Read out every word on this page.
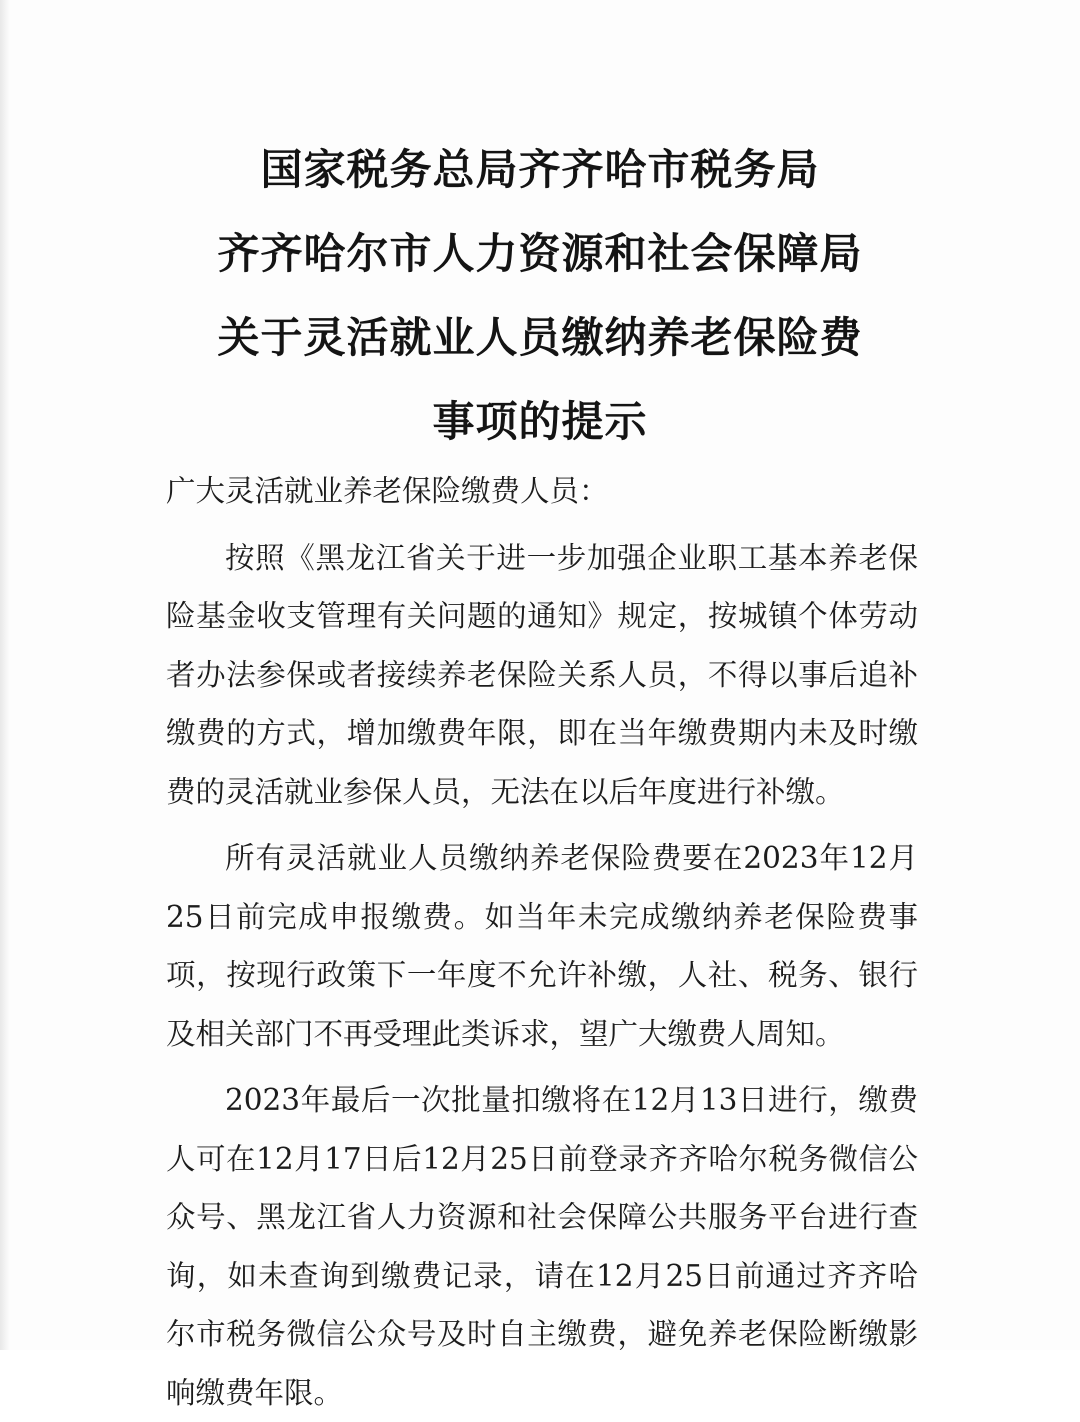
国家税务总局齐齐哈市税务局
齐齐哈尔市人力资源和社会保障局
关于灵活就业人员缴纳养老保险费
事项的提示

广大灵活就业养老保险缴费人员：

按照《黑龙江省关于进一步加强企业职工基本养老保险基金收支管理有关问题的通知》规定，按城镇个体劳动者办法参保或者接续养老保险关系人员，不得以事后追补缴费的方式，增加缴费年限，即在当年缴费期内未及时缴费的灵活就业参保人员，无法在以后年度进行补缴。

所有灵活就业人员缴纳养老保险费要在2023年12月25日前完成申报缴费。如当年未完成缴纳养老保险费事项，按现行政策下一年度不允许补缴，人社、税务、银行及相关部门不再受理此类诉求，望广大缴费人周知。

2023年最后一次批量扣缴将在12月13日进行，缴费人可在12月17日后12月25日前登录齐齐哈尔税务微信公众号、黑龙江省人力资源和社会保障公共服务平台进行查询，如未查询到缴费记录，请在12月25日前通过齐齐哈尔市税务微信公众号及时自主缴费，避免养老保险断缴影响缴费年限。
